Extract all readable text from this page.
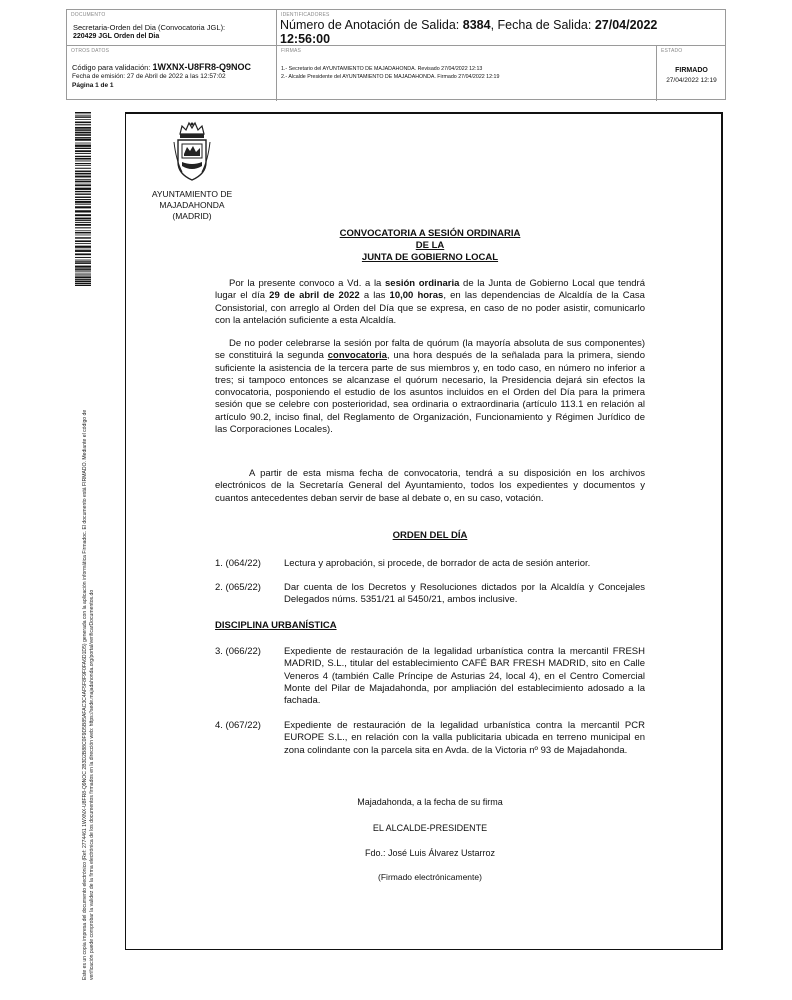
DOCUMENTO
Secretaria-Orden del Dia (Convocatoria JGL):
220429 JGL Orden del Dia
IDENTIFICADORES
Número de Anotación de Salida: 8384, Fecha de Salida: 27/04/2022
12:56:00
OTROS DATOS
Código para validación: 1WXNX-U8FR8-Q9NOC
Fecha de emisión: 27 de Abril de 2022 a las 12:57:02
Página 1 de 1
FIRMAS
1.- Secretario del AYUNTAMIENTO DE MAJADAHONDA. Revisado 27/04/2022 12:13
2.- Alcalde Presidente del AYUNTAMIENTO DE MAJADAHONDA. Firmado 27/04/2022 12:19
ESTADO
FIRMADO
27/04/2022 12:19
Este es un copia impresa del documento electrónico (Ref: 2774461 1WXNX-U8FR8-Q9NOC 2B3D2B88C0F9D5B85AFAC3C4AF5F8F9F0FA6D1D5) generada con la aplicación informática Firmadoc. El documento está FIRMADO. Mediante el código de verificación puede comprobar la validez de la firma electrónica de los documentos firmados en la dirección web: https://sede.majadahonda.org/portal/verificarDocumentos.do
AYUNTAMIENTO DE
MAJADAHONDA
(MADRID)
CONVOCATORIA A SESIÓN ORDINARIA
DE LA
JUNTA DE GOBIERNO LOCAL
Por la presente convoco a Vd. a la sesión ordinaria de la Junta de Gobierno Local que tendrá lugar el día 29 de abril de 2022 a las 10,00 horas, en las dependencias de Alcaldía de la Casa Consistorial, con arreglo al Orden del Día que se expresa, en caso de no poder asistir, comunicarlo con la antelación suficiente a esta Alcaldía.
De no poder celebrarse la sesión por falta de quórum (la mayoría absoluta de sus componentes) se constituirá la segunda convocatoria, una hora después de la señalada para la primera, siendo suficiente la asistencia de la tercera parte de sus miembros y, en todo caso, en número no inferior a tres; si tampoco entonces se alcanzase el quórum necesario, la Presidencia dejará sin efectos la convocatoria, posponiendo el estudio de los asuntos incluidos en el Orden del Día para la primera sesión que se celebre con posterioridad, sea ordinaria o extraordinaria (artículo 113.1 en relación al artículo 90.2, inciso final, del Reglamento de Organización, Funcionamiento y Régimen Jurídico de las Corporaciones Locales).
A partir de esta misma fecha de convocatoria, tendrá a su disposición en los archivos electrónicos de la Secretaría General del Ayuntamiento, todos los expedientes y documentos y cuantos antecedentes deban servir de base al debate o, en su caso, votación.
ORDEN DEL DÍA
1. (064/22) Lectura y aprobación, si procede, de borrador de acta de sesión anterior.
2. (065/22) Dar cuenta de los Decretos y Resoluciones dictados por la Alcaldía y Concejales Delegados núms. 5351/21 al 5450/21, ambos inclusive.
DISCIPLINA URBANÍSTICA
3. (066/22) Expediente de restauración de la legalidad urbanística contra la mercantil FRESH MADRID, S.L., titular del establecimiento CAFÉ BAR FRESH MADRID, sito en Calle Veneros 4 (también Calle Príncipe de Asturias 24, local 4), en el Centro Comercial Monte del Pilar de Majadahonda, por ampliación del establecimiento adosado a la fachada.
4. (067/22) Expediente de restauración de la legalidad urbanística contra la mercantil PCR EUROPE S.L., en relación con la valla publicitaria ubicada en terreno municipal en zona colindante con la parcela sita en Avda. de la Victoria nº 93 de Majadahonda.
Majadahonda, a la fecha de su firma
EL ALCALDE-PRESIDENTE
Fdo.: José Luis Álvarez Ustarroz
(Firmado electrónicamente)
